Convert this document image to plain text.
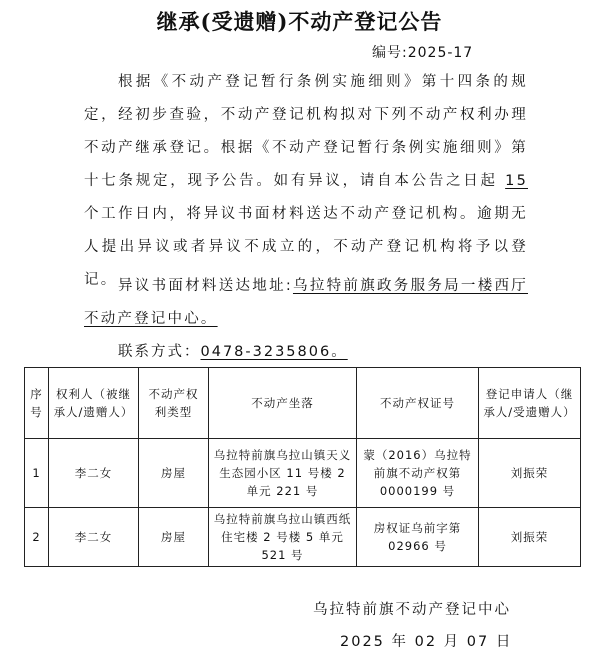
继承(受遗赠)不动产登记公告
编号:2025-17

根据《不动产登记暂行条例实施细则》第十四条的规定，经初步查验，不动产登记机构拟对下列不动产权利办理不动产继承登记。根据《不动产登记暂行条例实施细则》第十七条规定，现予公告。如有异议，请自本公告之日起 15 个工作日内，将异议书面材料送达不动产登记机构。逾期无人提出异议或者异议不成立的，不动产登记机构将予以登记。 异议书面材料送达地址:乌拉特前旗政务服务局一楼西厅不动产登记中心。

联系方式：0478-3235806。
序号	权利人（被继承人/遗赠人）	不动产权利类型	不动产坐落	不动产权证号	登记申请人（继承人/受遗赠人）
1	李二女	房屋	乌拉特前旗乌拉山镇天义生态园小区 11 号楼 2 单元 221 号	蒙（2016）乌拉特前旗不动产权第 0000199 号	刘振荣
2	李二女	房屋	乌拉特前旗乌拉山镇西纸住宅楼 2 号楼 5 单元 521 号	房权证乌前字第 02966 号	刘振荣
乌拉特前旗不动产登记中心
2025 年 02 月 07 日
